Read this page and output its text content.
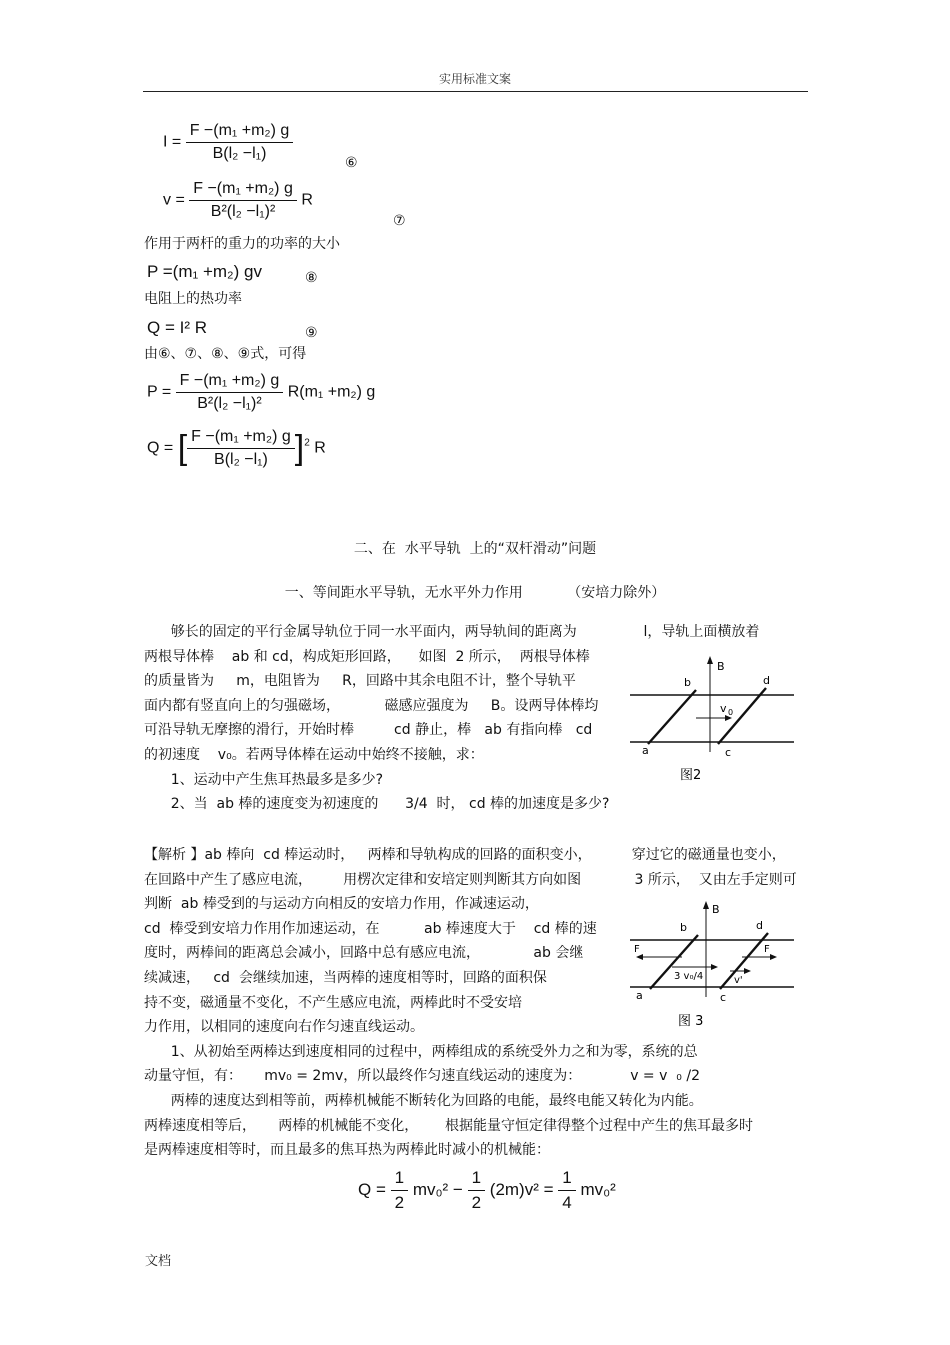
实用标准文案
$I = \frac{\text{F −(m₁ +m₂) g}}{\text{B(l₂ −l₁)}}$	⑥
$v = \frac{\text{F −(m₁ +m₂) g}}{\text{B²(l₂ −l₁)²}}$ R
⑦
作用于两杆的重力的功率的大小
P =(m₁ +m₂) gv	⑧
电阻上的热功率
Q = I² R	⑨
由⑥、⑦、⑧、⑨式，可得
$P = \frac{\text{F −(m₁ +m₂) g}}{\text{B²(l₂ −l₁)²}} R(m_1 +m_2)$ g
Q = [ $\frac{\text{F −(m₁ +m₂) g}}{\text{B(l₂ −l₁)}} ]^2$ R
二、在  水平导轨  上的“双杆滑动”问题
一、等间距水平导轨，无水平外力作用          （安培力除外）
够长的固定的平行金属导轨位于同一水平面内，两导轨间的距离为               l，导轨上面横放着
两根导体棒    ab 和 cd，构成矩形回路，    如图  2 所示，  两根导体棒
的质量皆为     m，电阻皆为     R，回路中其余电阻不计，整个导轨平
面内都有竖直向上的匀强磁场，          磁感应强度为     B。设两导体棒均
可沿导轨无摩擦的滑行，开始时棒         cd 静止，棒   ab 有指向棒   cd
的初速度    v₀。若两导体棒在运动中始终不接触，求：
1、运动中产生焦耳热最多是多少?
2、当  ab 棒的速度变为初速度的      3/4  时， cd 棒的加速度是多少?
B
b	d
a	c
v 0
图2
【解析 】ab 棒向  cd 棒运动时，   两棒和导轨构成的回路的面积变小，         穿过它的磁通量也变小，
在回路中产生了感应电流，       用楞次定律和安培定则判断其方向如图            3 所示，  又由左手定则可
判断  ab 棒受到的与运动方向相反的安培力作用，作减速运动，
cd  棒受到安培力作用作加速运动，在          ab 棒速度大于    cd 棒的速
度时，两棒间的距离总会减小，回路中总有感应电流，            ab 会继
续减速，   cd  会继续加速，当两棒的速度相等时，回路的面积保
持不变，磁通量不变化，不产生感应电流，两棒此时不受安培
力作用，以相同的速度向右作匀速直线运动。
1、从初始至两棒达到速度相同的过程中，两棒组成的系统受外力之和为零，系统的总
动量守恒，有：     mv₀ = 2mv，所以最终作匀速直线运动的速度为：           v = v  ₀ /2
两棒的速度达到相等前，两棒机械能不断转化为回路的电能，最终电能又转化为内能。
两棒速度相等后，     两棒的机械能不变化，      根据能量守恒定律得整个过程中产生的焦耳最多时
是两棒速度相等时，而且最多的焦耳热为两棒此时减小的机械能：
B
b	d
a	c
F	F
3 v₀/4	v'
图 3
$Q = \frac{1}{2} mv_0^2 - \frac{1}{2} (2m)v^2 = \frac{1}{4} mv_0^2$
文档
